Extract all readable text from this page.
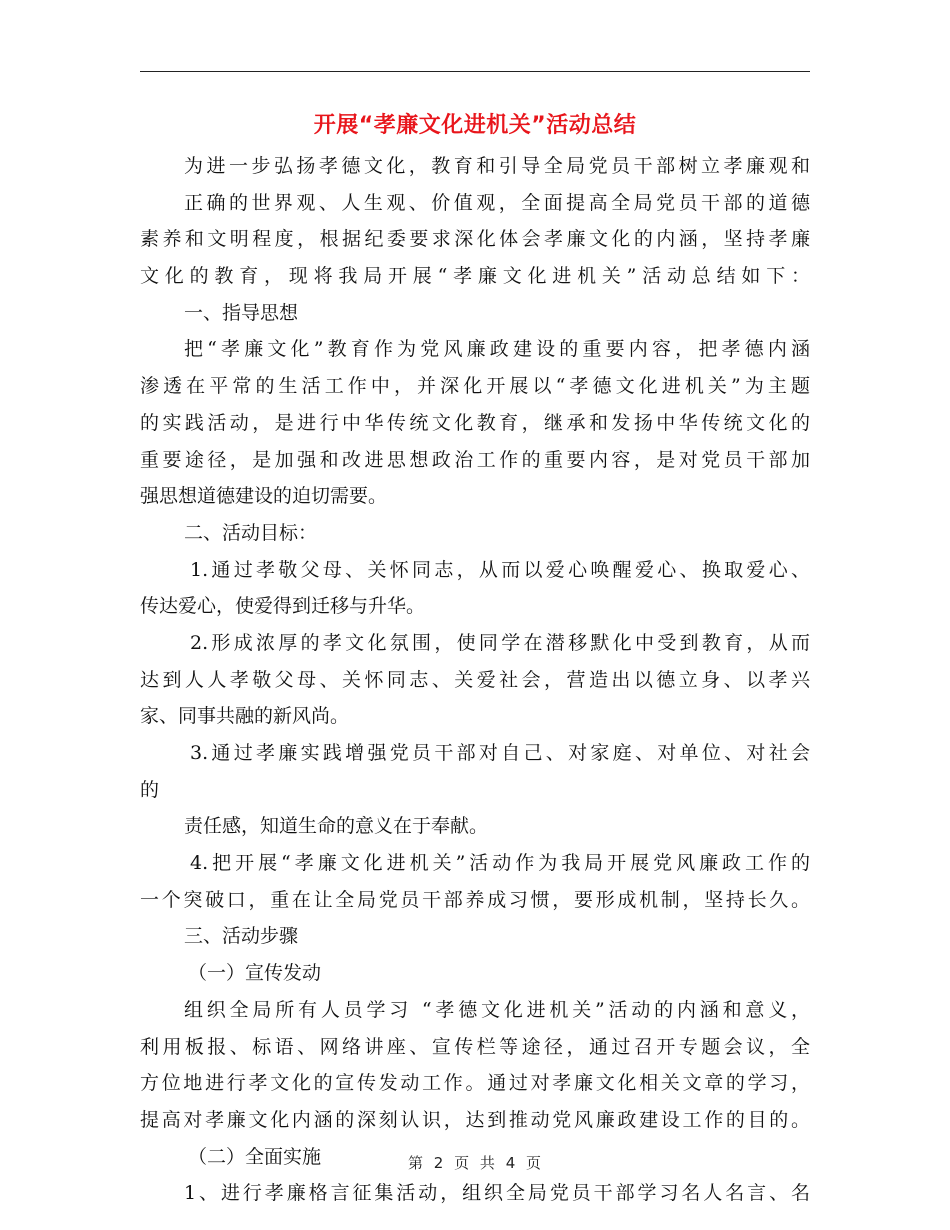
开展“孝廉文化进机关”活动总结
为进一步弘扬孝德文化，教育和引导全局党员干部树立孝廉观和
正确的世界观、人生观、价值观，全面提高全局党员干部的道德
素养和文明程度，根据纪委要求深化体会孝廉文化的内涵，坚持孝廉
文化的教育，现将我局开展“孝廉文化进机关”活动总结如下：
一、指导思想
把“孝廉文化”教育作为党风廉政建设的重要内容，把孝德内涵
渗透在平常的生活工作中，并深化开展以“孝德文化进机关”为主题
的实践活动，是进行中华传统文化教育，继承和发扬中华传统文化的
重要途径，是加强和改进思想政治工作的重要内容，是对党员干部加
强思想道德建设的迫切需要。
二、活动目标：
1.通过孝敬父母、关怀同志，从而以爱心唤醒爱心、换取爱心、
传达爱心，使爱得到迁移与升华。
2.形成浓厚的孝文化氛围，使同学在潜移默化中受到教育，从而
达到人人孝敬父母、关怀同志、关爱社会，营造出以德立身、以孝兴
家、同事共融的新风尚。
3.通过孝廉实践增强党员干部对自己、对家庭、对单位、对社会
的
责任感，知道生命的意义在于奉献。
4.把开展“孝廉文化进机关”活动作为我局开展党风廉政工作的
一个突破口，重在让全局党员干部养成习惯，要形成机制，坚持长久。
三、活动步骤
（一）宣传发动
组织全局所有人员学习 “孝德文化进机关”活动的内涵和意义，
利用板报、标语、网络讲座、宣传栏等途径，通过召开专题会议，全
方位地进行孝文化的宣传发动工作。通过对孝廉文化相关文章的学习，
提高对孝廉文化内涵的深刻认识，达到推动党风廉政建设工作的目的。
（二）全面实施
1、进行孝廉格言征集活动，组织全局党员干部学习名人名言、名
第 2 页 共 4 页
